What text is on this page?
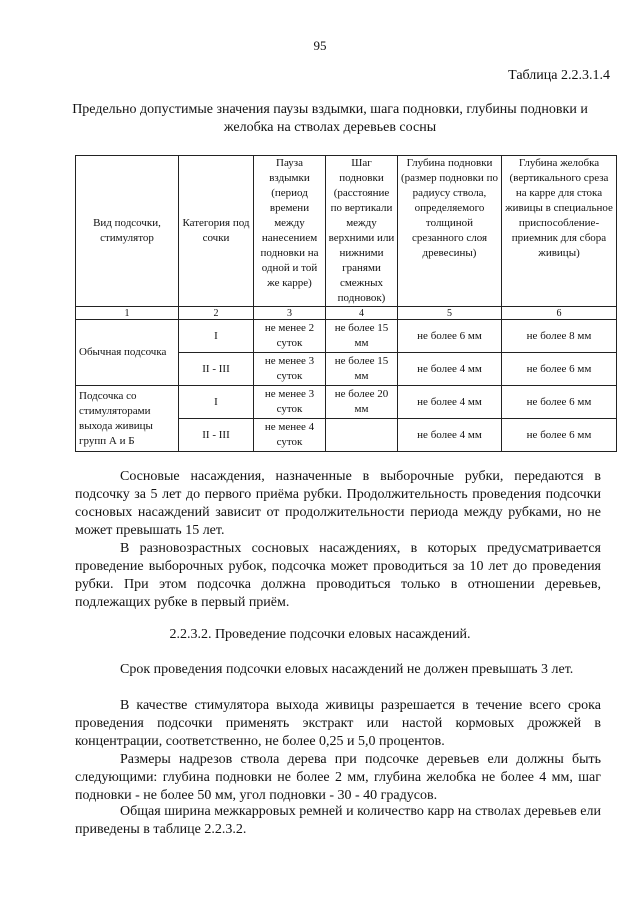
95
Таблица 2.2.3.1.4
Предельно допустимые значения паузы вздымки, шага подновки, глубины подновки и желобка на стволах деревьев сосны
Вид подсочки, стимулятор	Категория под сочки	Пауза вздымки (период времени между нанесением подновки на одной и той же карре)	Шаг подновки (расстояние по вертикали между верхними или нижними гранями смежных подновок)	Глубина подновки (размер подновки по радиусу ствола, определяемого толщиной срезанного слоя древесины)	Глубина желобка (вертикального среза на карре для стока живицы в специальное приспособление-приемник для сбора живицы)
1	2	3	4	5	6
Обычная подсочка	I	не менее 2 суток	не более 15 мм	не более 6 мм	не более 8 мм
	II - III	не менее 3 суток	не более 15 мм	не более 4 мм	не более 6 мм
Подсочка со стимуляторами выхода живицы групп А и Б	I	не менее 3 суток	не более 20 мм	не более 4 мм	не более 6 мм
	II - III	не менее 4 суток		не более 4 мм	не более 6 мм

Сосновые насаждения, назначенные в выборочные рубки, передаются в подсочку за 5 лет до первого приёма рубки. Продолжительность проведения подсочки сосновых насаждений зависит от продолжительности периода между рубками, но не может превышать 15 лет.

В разновозрастных сосновых насаждениях, в которых предусматривается проведение выборочных рубок, подсочка может проводиться за 10 лет до проведения рубки. При этом подсочка должна проводиться только в отношении деревьев, подлежащих рубке в первый приём.

2.2.3.2. Проведение подсочки еловых насаждений.

Срок проведения подсочки еловых насаждений не должен превышать 3 лет.

В качестве стимулятора выхода живицы разрешается в течение всего срока проведения подсочки применять экстракт или настой кормовых дрожжей в концентрации, соответственно, не более 0,25 и 5,0 процентов.

Размеры надрезов ствола дерева при подсочке деревьев ели должны быть следующими: глубина подновки не более 2 мм, глубина желобка не более 4 мм, шаг подновки - не более 50 мм, угол подновки - 30 - 40 градусов.

Общая ширина межкарровых ремней и количество карр на стволах деревьев ели приведены в таблице 2.2.3.2.
